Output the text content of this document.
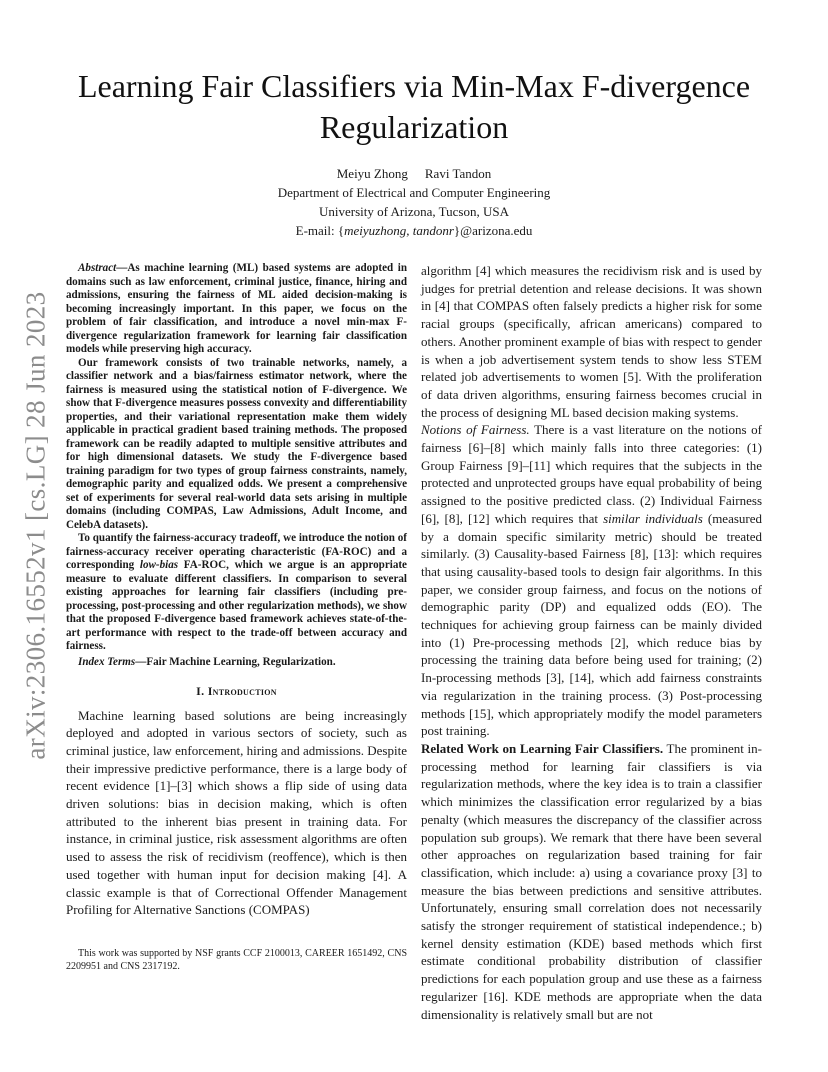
arXiv:2306.16552v1 [cs.LG] 28 Jun 2023
Learning Fair Classifiers via Min-Max F-divergence Regularization
Meiyu Zhong Ravi Tandon
Department of Electrical and Computer Engineering
University of Arizona, Tucson, USA
E-mail: {meiyuzhong, tandonr}@arizona.edu

Abstract—As machine learning (ML) based systems are adopted in domains such as law enforcement, criminal justice, finance, hiring and admissions, ensuring the fairness of ML aided decision-making is becoming increasingly important. In this paper, we focus on the problem of fair classification, and introduce a novel min-max F-divergence regularization framework for learning fair classification models while preserving high accuracy.

Our framework consists of two trainable networks, namely, a classifier network and a bias/fairness estimator network, where the fairness is measured using the statistical notion of F-divergence. We show that F-divergence measures possess convexity and differentiability properties, and their variational representation make them widely applicable in practical gradient based training methods. The proposed framework can be readily adapted to multiple sensitive attributes and for high dimensional datasets. We study the F-divergence based training paradigm for two types of group fairness constraints, namely, demographic parity and equalized odds. We present a comprehensive set of experiments for several real-world data sets arising in multiple domains (including COMPAS, Law Admissions, Adult Income, and CelebA datasets).

To quantify the fairness-accuracy tradeoff, we introduce the notion of fairness-accuracy receiver operating characteristic (FA-ROC) and a corresponding low-bias FA-ROC, which we argue is an appropriate measure to evaluate different classifiers. In comparison to several existing approaches for learning fair classifiers (including pre-processing, post-processing and other regularization methods), we show that the proposed F-divergence based framework achieves state-of-the-art performance with respect to the trade-off between accuracy and fairness.

Index Terms—Fair Machine Learning, Regularization.

I. Introduction

Machine learning based solutions are being increasingly deployed and adopted in various sectors of society, such as criminal justice, law enforcement, hiring and admissions. Despite their impressive predictive performance, there is a large body of recent evidence [1]–[3] which shows a flip side of using data driven solutions: bias in decision making, which is often attributed to the inherent bias present in training data. For instance, in criminal justice, risk assessment algorithms are often used to assess the risk of recidivism (reoffence), which is then used together with human input for decision making [4]. A classic example is that of Correctional Offender Management Profiling for Alternative Sanctions (COMPAS)

This work was supported by NSF grants CCF 2100013, CAREER 1651492, CNS 2209951 and CNS 2317192.

algorithm [4] which measures the recidivism risk and is used by judges for pretrial detention and release decisions. It was shown in [4] that COMPAS often falsely predicts a higher risk for some racial groups (specifically, african americans) compared to others. Another prominent example of bias with respect to gender is when a job advertisement system tends to show less STEM related job advertisements to women [5]. With the proliferation of data driven algorithms, ensuring fairness becomes crucial in the process of designing ML based decision making systems.

Notions of Fairness. There is a vast literature on the notions of fairness [6]–[8] which mainly falls into three categories: (1) Group Fairness [9]–[11] which requires that the subjects in the protected and unprotected groups have equal probability of being assigned to the positive predicted class. (2) Individual Fairness [6], [8], [12] which requires that similar individuals (measured by a domain specific similarity metric) should be treated similarly. (3) Causality-based Fairness [8], [13]: which requires that using causality-based tools to design fair algorithms. In this paper, we consider group fairness, and focus on the notions of demographic parity (DP) and equalized odds (EO). The techniques for achieving group fairness can be mainly divided into (1) Pre-processing methods [2], which reduce bias by processing the training data before being used for training; (2) In-processing methods [3], [14], which add fairness constraints via regularization in the training process. (3) Post-processing methods [15], which appropriately modify the model parameters post training.

Related Work on Learning Fair Classifiers. The prominent in-processing method for learning fair classifiers is via regularization methods, where the key idea is to train a classifier which minimizes the classification error regularized by a bias penalty (which measures the discrepancy of the classifier across population sub groups). We remark that there have been several other approaches on regularization based training for fair classification, which include: a) using a covariance proxy [3] to measure the bias between predictions and sensitive attributes. Unfortunately, ensuring small correlation does not necessarily satisfy the stronger requirement of statistical independence.; b) kernel density estimation (KDE) based methods which first estimate conditional probability distribution of classifier predictions for each population group and use these as a fairness regularizer [16]. KDE methods are appropriate when the data dimensionality is relatively small but are not
